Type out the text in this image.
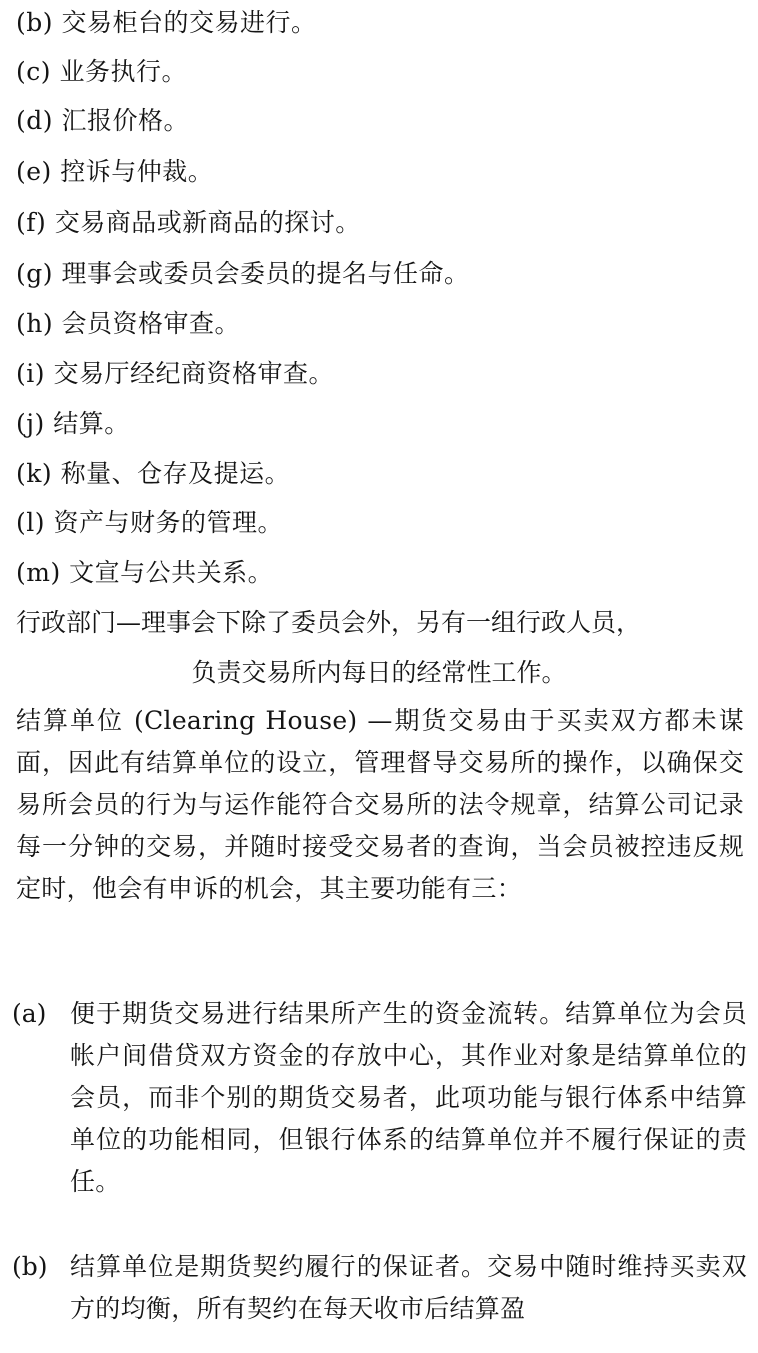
(b) 交易柜台的交易进行。
(c) 业务执行。
(d) 汇报价格。
(e) 控诉与仲裁。
(f) 交易商品或新商品的探讨。
(g) 理事会或委员会委员的提名与任命。
(h) 会员资格审查。
(i) 交易厅经纪商资格审查。
(j) 结算。
(k) 称量、仓存及提运。
(l) 资产与财务的管理。
(m) 文宣与公共关系。
行政部门—理事会下除了委员会外，另有一组行政人员，
负责交易所内每日的经常性工作。
结算单位 (Clearing House) —期货交易由于买卖双方都未谋面，因此有结算单位的设立，管理督导交易所的操作，以确保交易所会员的行为与运作能符合交易所的法令规章，结算公司记录每一分钟的交易，并随时接受交易者的查询，当会员被控违反规定时，他会有申诉的机会，其主要功能有三：
(a) 便于期货交易进行结果所产生的资金流转。结算单位为会员帐户间借贷双方资金的存放中心，其作业对象是结算单位的会员，而非个别的期货交易者，此项功能与银行体系中结算单位的功能相同，但银行体系的结算单位并不履行保证的责任。
(b) 结算单位是期货契约履行的保证者。交易中随时维持买卖双方的均衡，所有契约在每天收市后结算盈
